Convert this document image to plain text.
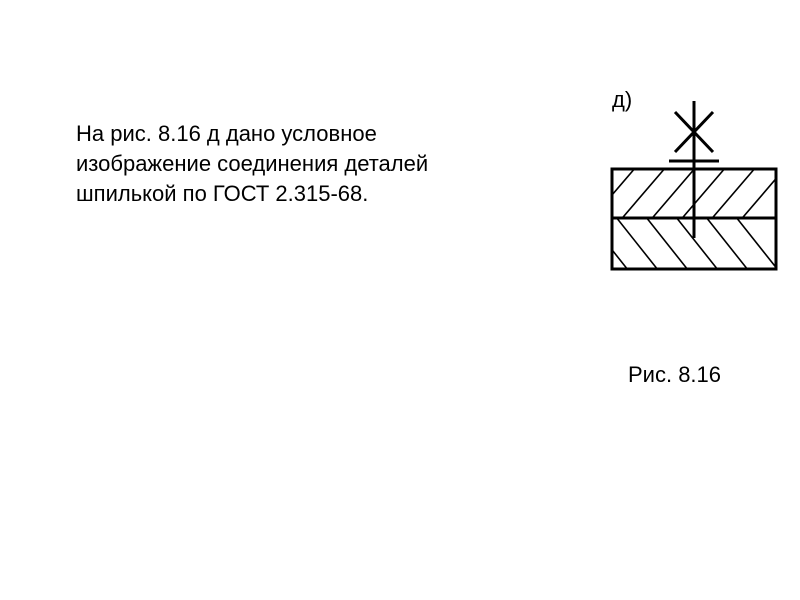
На рис. 8.16 д дано условное
изображение соединения деталей
шпилькой по ГОСТ 2.315-68.
д)
Рис. 8.16
